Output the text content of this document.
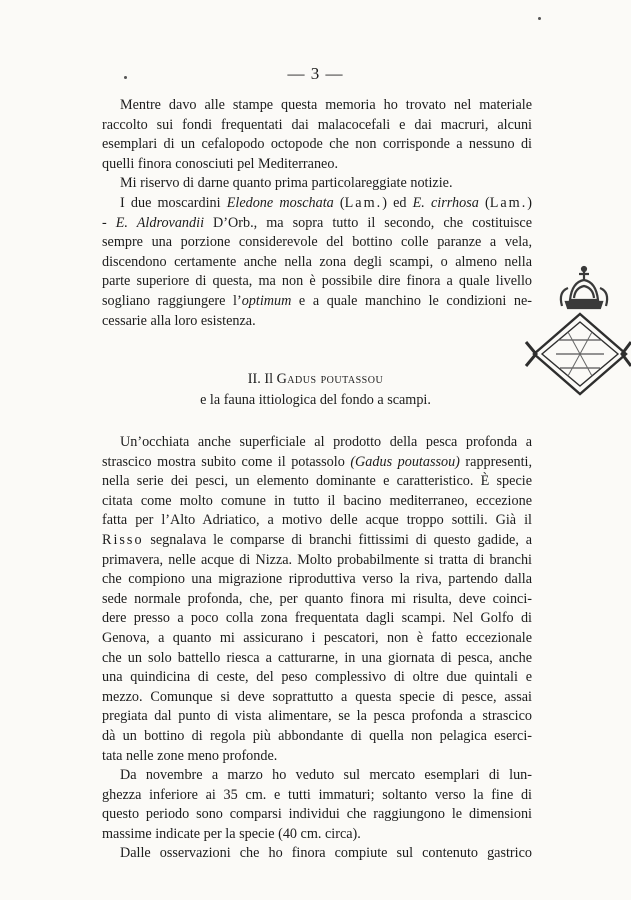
— 3 —
Mentre davo alle stampe questa memoria ho trovato nel materiale
raccolto sui fondi frequentati dai malacocefali e dai macruri, alcuni
esemplari di un cefalopodo octopode che non corrisponde a nessuno di
quelli finora conosciuti pel Mediterraneo.
Mi riservo di darne quanto prima particolareggiate notizie.
I due moscardini Eledone moschata (Lam.) ed E. cirrhosa (Lam.)
- E. Aldrovandii D’Orb., ma sopra tutto il secondo, che costituisce
sempre una porzione considerevole del bottino colle paranze a vela,
discendono certamente anche nella zona degli scampi, o almeno nella
parte superiore di questa, ma non è possibile dire finora a quale livello
sogliano raggiungere l’optimum e a quale manchino le condizioni ne-
cessarie alla loro esistenza.
II. Il Gadus poutassou
e la fauna ittiologica del fondo a scampi.
Un’occhiata anche superficiale al prodotto della pesca profonda a
strascico mostra subito come il potassolo (Gadus poutassou) rappresenti,
nella serie dei pesci, un elemento dominante e caratteristico. È specie
citata come molto comune in tutto il bacino mediterraneo, eccezione
fatta per l’Alto Adriatico, a motivo delle acque troppo sottili. Già il
Risso segnalava le comparse di branchi fittissimi di questo gadide, a
primavera, nelle acque di Nizza. Molto probabilmente si tratta di branchi
che compiono una migrazione riproduttiva verso la riva, partendo dalla
sede normale profonda, che, per quanto finora mi risulta, deve coinci-
dere presso a poco colla zona frequentata dagli scampi. Nel Golfo di
Genova, a quanto mi assicurano i pescatori, non è fatto eccezionale
che un solo battello riesca a catturarne, in una giornata di pesca, anche
una quindicina di ceste, del peso complessivo di oltre due quintali e
mezzo. Comunque si deve soprattutto a questa specie di pesce, assai
pregiata dal punto di vista alimentare, se la pesca profonda a strascico
dà un bottino di regola più abbondante di quella non pelagica eserci-
tata nelle zone meno profonde.
Da novembre a marzo ho veduto sul mercato esemplari di lun-
ghezza inferiore ai 35 cm. e tutti immaturi; soltanto verso la fine di
questo periodo sono comparsi individui che raggiungono le dimensioni
massime indicate per la specie (40 cm. circa).
Dalle osservazioni che ho finora compiute sul contenuto gastrico
